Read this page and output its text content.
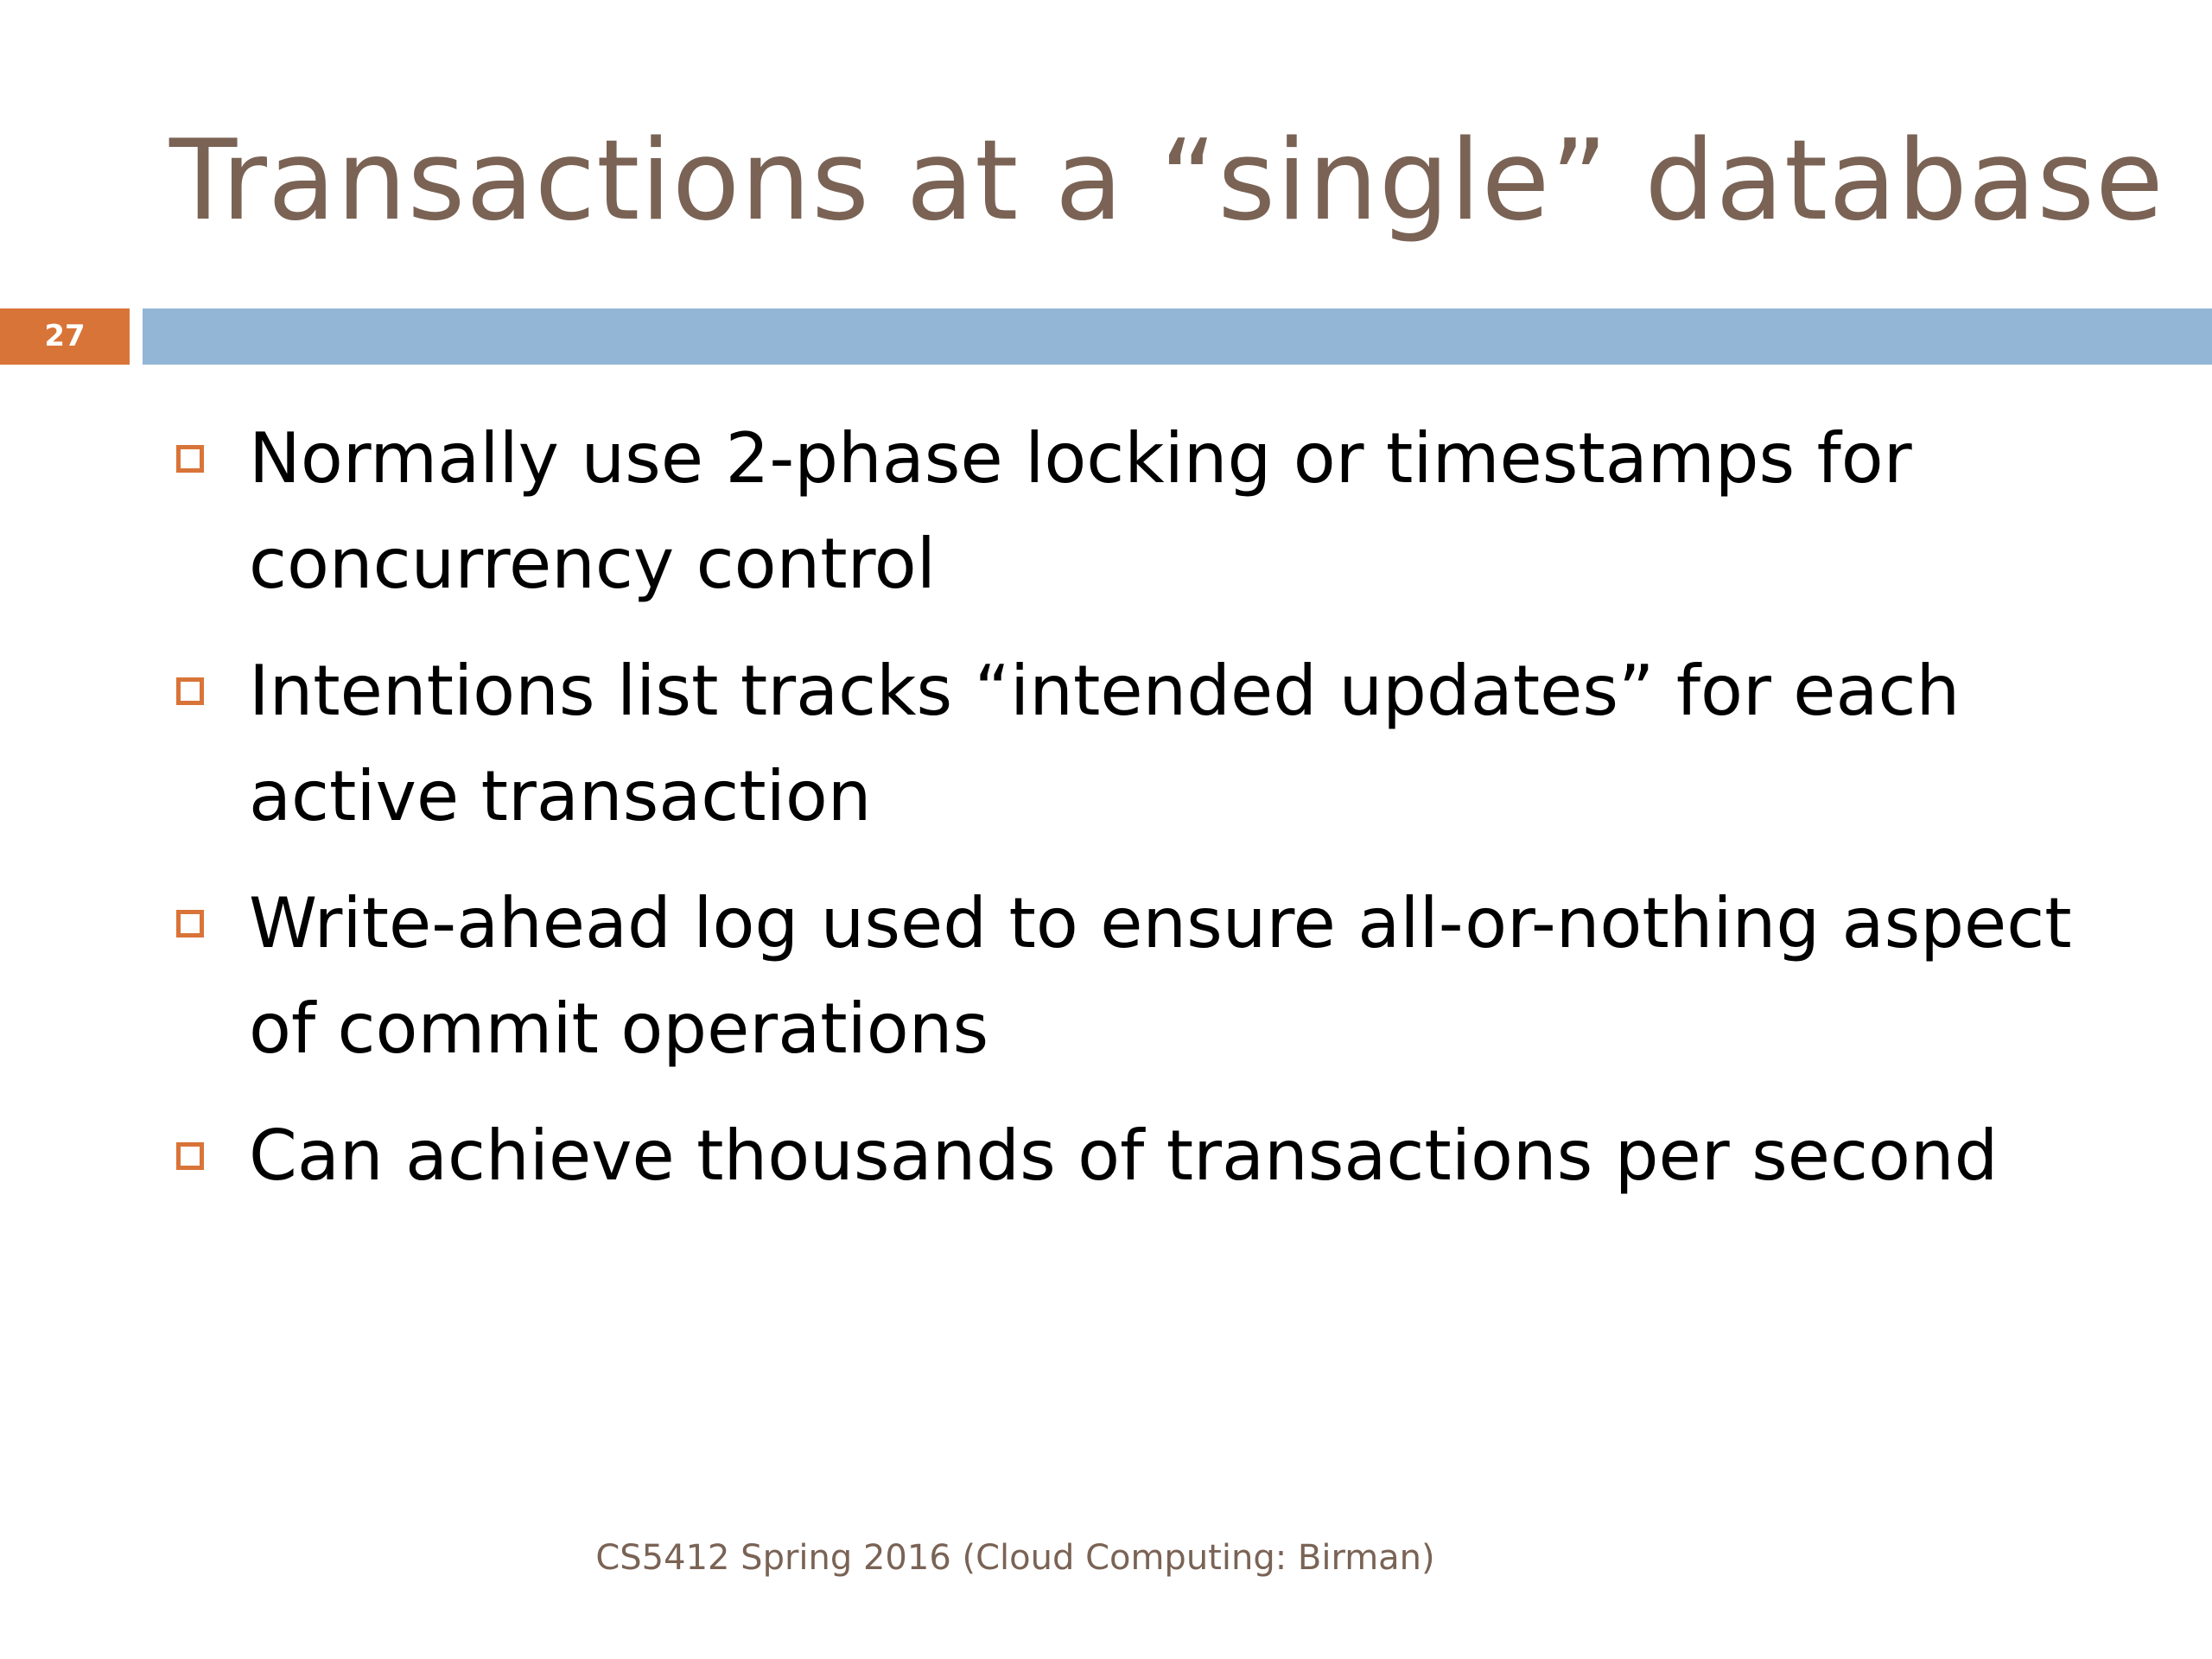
Transactions at a “single” database
27
Normally use 2-phase locking or timestamps for concurrency control
Intentions list tracks “intended updates” for each active transaction
Write-ahead log used to ensure all-or-nothing aspect of commit operations
Can achieve thousands of transactions per second
CS5412 Spring 2016 (Cloud Computing: Birman)
